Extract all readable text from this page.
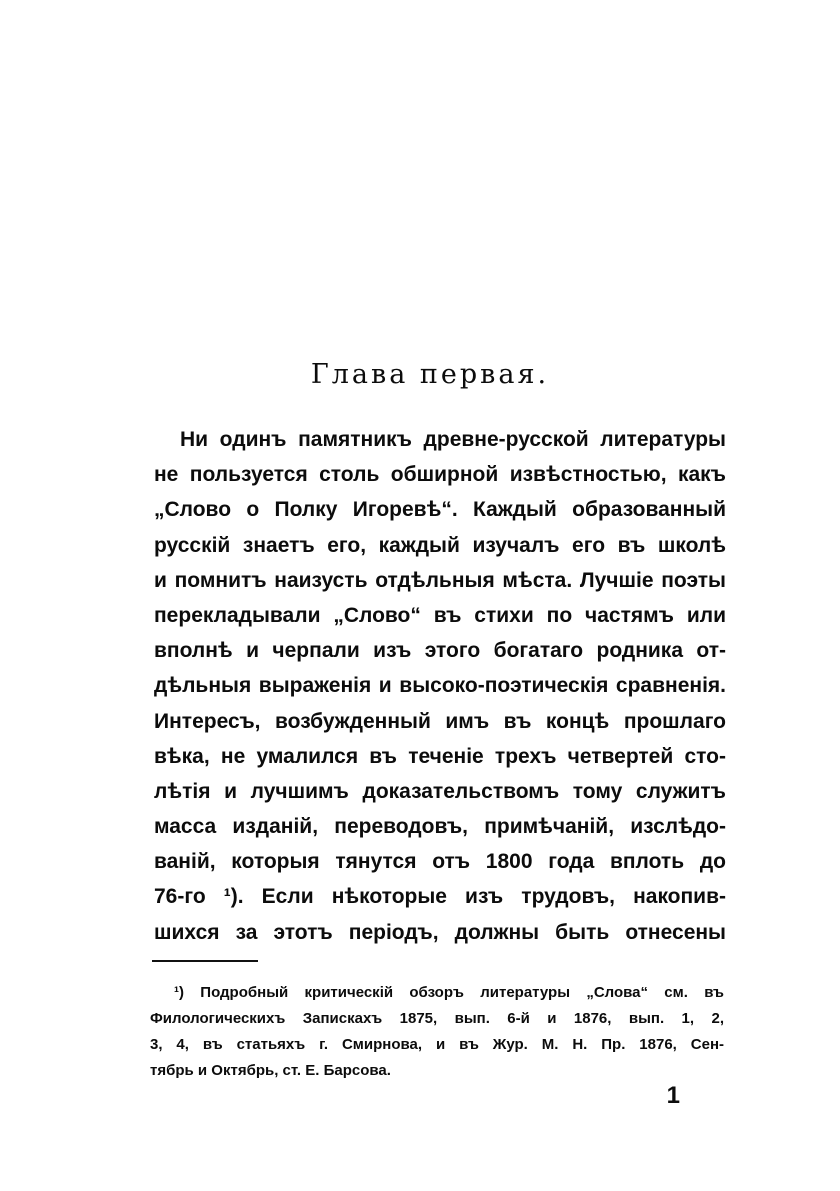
Глава первая.
Ни одинъ памятникъ древне-русской литературы
не пользуется столь обширной извѣстностью, какъ
„Слово о Полку Игоревѣ“. Каждый образованный
русскій знаетъ его, каждый изучалъ его въ школѣ
и помнитъ наизусть отдѣльныя мѣста. Лучшіе поэты
перекладывали „Слово“ въ стихи по частямъ или
вполнѣ и черпали изъ этого богатаго родника от-
дѣльныя выраженія и высоко-поэтическія сравненія.
Интересъ, возбужденный имъ въ концѣ прошлаго
вѣка, не умалился въ теченіе трехъ четвертей сто-
лѣтія и лучшимъ доказательствомъ тому служитъ
масса изданій, переводовъ, примѣчаній, изслѣдо-
ваній, которыя тянутся отъ 1800 года вплоть до
76-го ¹). Если нѣкоторые изъ трудовъ, накопив-
шихся за этотъ періодъ, должны быть отнесены
¹) Подробный критическій обзоръ литературы „Слова“ см. въ
Филологическихъ Запискахъ 1875, вып. 6-й и 1876, вып. 1, 2,
3, 4, въ статьяхъ г. Смирнова, и въ Жур. М. Н. Пр. 1876, Сен-
тябрь и Октябрь, ст. Е. Барсова.
1
